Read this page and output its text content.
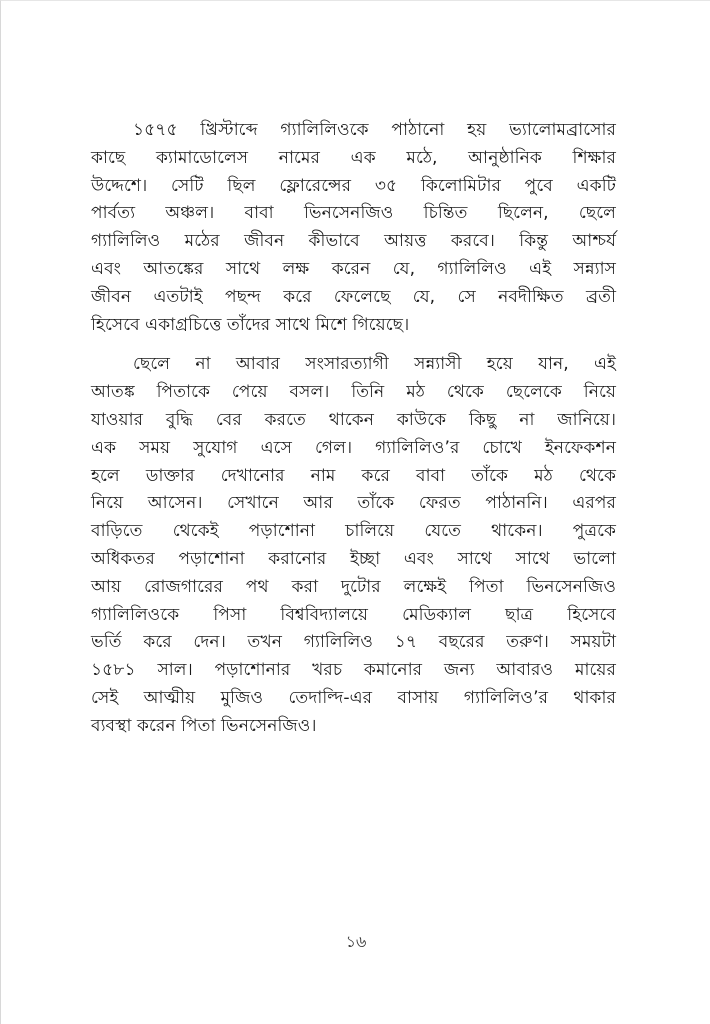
১৫৭৫ খ্রিস্টাব্দে গ্যালিলিওকে পাঠানো হয় ভ্যালোমব্রাসোর
কাছে ক্যামাডোলেস নামের এক মঠে, আনুষ্ঠানিক শিক্ষার
উদ্দেশে। সেটি ছিল ফ্লোরেন্সের ৩৫ কিলোমিটার পুবে একটি
পার্বত্য অঞ্চল। বাবা ভিনসেনজিও চিন্তিত ছিলেন, ছেলে
গ্যালিলিও মঠের জীবন কীভাবে আয়ত্ত করবে। কিন্তু আশ্চর্য
এবং আতঙ্কের সাথে লক্ষ করেন যে, গ্যালিলিও এই সন্ন্যাস
জীবন এতটাই পছন্দ করে ফেলেছে যে, সে নবদীক্ষিত ব্রতী
হিসেবে একাগ্রচিত্তে তাঁদের সাথে মিশে গিয়েছে।

ছেলে না আবার সংসারত্যাগী সন্ন্যাসী হয়ে যান, এই
আতঙ্ক পিতাকে পেয়ে বসল। তিনি মঠ থেকে ছেলেকে নিয়ে
যাওয়ার বুদ্ধি বের করতে থাকেন কাউকে কিছু না জানিয়ে।
এক সময় সুযোগ এসে গেল। গ্যালিলিও’র চোখে ইনফেকশন
হলে ডাক্তার দেখানোর নাম করে বাবা তাঁকে মঠ থেকে
নিয়ে আসেন। সেখানে আর তাঁকে ফেরত পাঠাননি। এরপর
বাড়িতে থেকেই পড়াশোনা চালিয়ে যেতে থাকেন। পুত্রকে
অধিকতর পড়াশোনা করানোর ইচ্ছা এবং সাথে সাথে ভালো
আয় রোজগারের পথ করা দুটোর লক্ষেই পিতা ভিনসেনজিও
গ্যালিলিওকে পিসা বিশ্ববিদ্যালয়ে মেডিক্যাল ছাত্র হিসেবে
ভর্তি করে দেন। তখন গ্যালিলিও ১৭ বছরের তরুণ। সময়টা
১৫৮১ সাল। পড়াশোনার খরচ কমানোর জন্য আবারও মায়ের
সেই আত্মীয় মুজিও তেদাল্দি-এর বাসায় গ্যালিলিও’র থাকার
ব্যবস্থা করেন পিতা ভিনসেনজিও।

১৬
